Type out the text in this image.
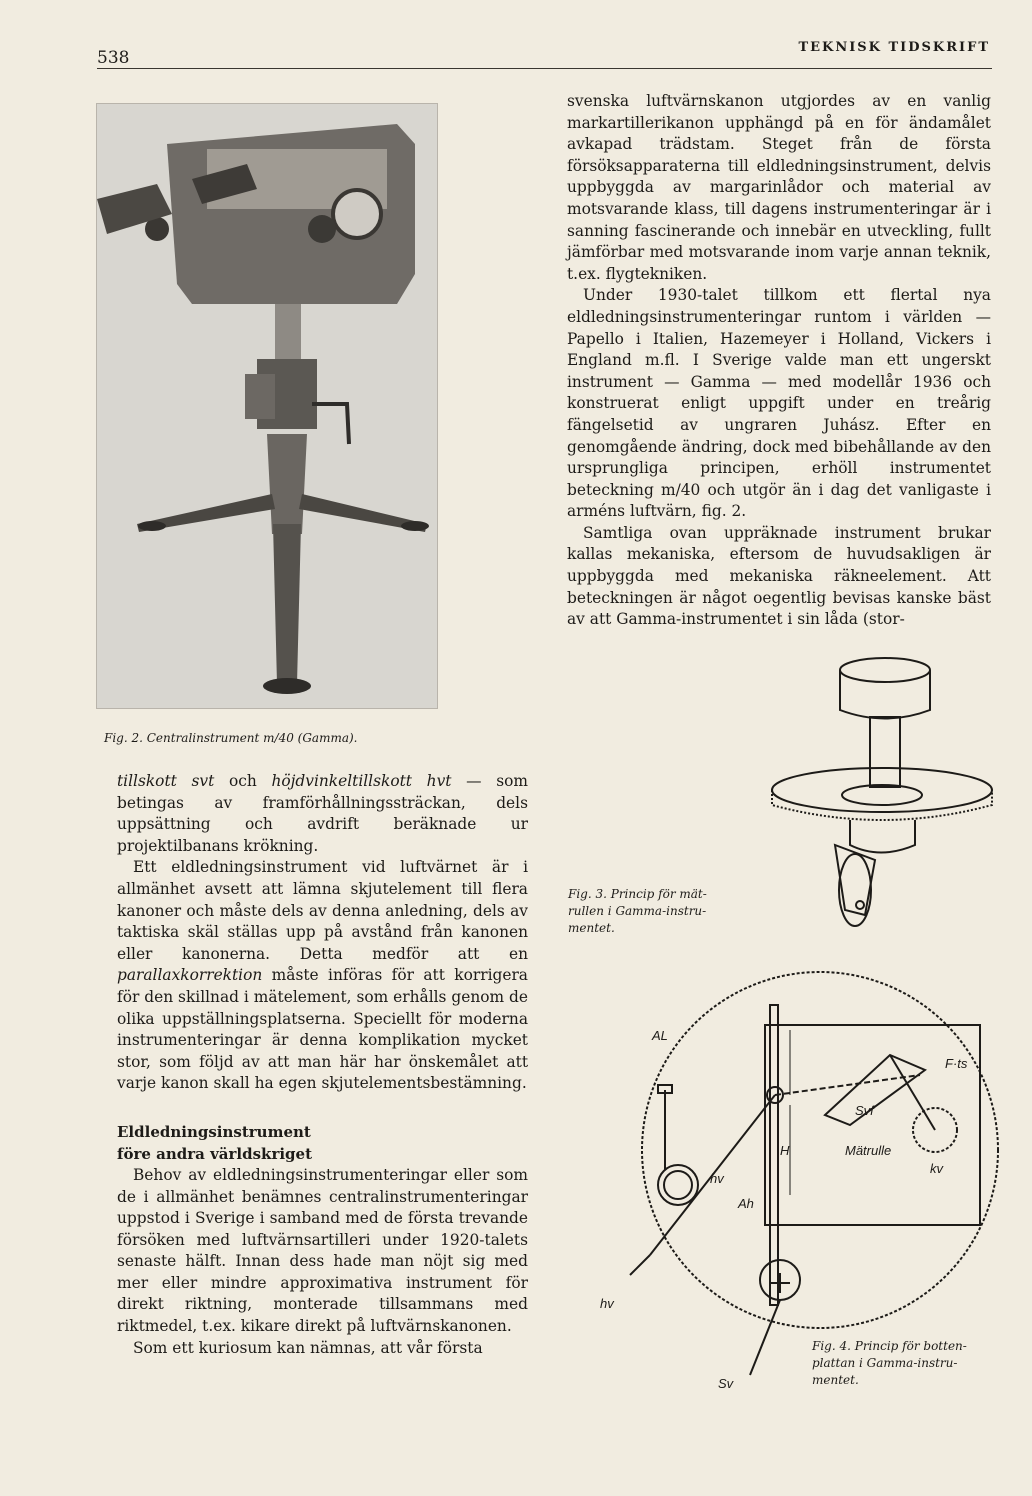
538
TEKNISK TIDSKRIFT
Fig. 2. Centralinstrument m/40 (Gamma).

svenska luftvärnskanon utgjordes av en vanlig markartillerikanon upphängd på en för ändamålet avkapad trädstam. Steget från de första försöksapparaterna till eldledningsinstrument, delvis uppbyggda av margarinlådor och material av motsvarande klass, till dagens instrumenteringar är i sanning fascinerande och innebär en utveckling, fullt jämförbar med motsvarande inom varje annan teknik, t.ex. flygtekniken.

Under 1930-talet tillkom ett flertal nya eldledningsinstrumenteringar runtom i världen — Papello i Italien, Hazemeyer i Holland, Vickers i England m.fl. I Sverige valde man ett ungerskt instrument — Gamma — med modellår 1936 och konstruerat enligt uppgift under en treårig fängelsetid av ungraren Juhász. Efter en genomgående ändring, dock med bibehållande av den ursprungliga principen, erhöll instrumentet beteckning m/40 och utgör än i dag det vanligaste i arméns luftvärn, fig. 2.

Samtliga ovan uppräknade instrument brukar kallas mekaniska, eftersom de huvudsakligen är uppbyggda med mekaniska räkneelement. Att beteckningen är något oegentlig bevisas kanske bäst av att Gamma-instrumentet i sin låda (stor-

Fig. 3. Princip för mät-
rullen i Gamma-instru-
mentet.

tillskott svt och höjdvinkeltillskott hvt — som betingas av framförhållningssträckan, dels uppsättning och avdrift beräknade ur projektilbanans krökning.

Ett eldledningsinstrument vid luftvärnet är i allmänhet avsett att lämna skjutelement till flera kanoner och måste dels av denna anledning, dels av taktiska skäl ställas upp på avstånd från kanonen eller kanonerna. Detta medför att en parallaxkorrektion måste införas för att korrigera för den skillnad i mätelement, som erhålls genom de olika uppställningsplatserna. Speciellt för moderna instrumenteringar är denna komplikation mycket stor, som följd av att man här har önskemålet att varje kanon skall ha egen skjutelementsbestämning.

Eldledningsinstrument
före andra världskriget

Behov av eldledningsinstrumenteringar eller som de i allmänhet benämnes centralinstrumenteringar uppstod i Sverige i samband med de första trevande försöken med luftvärnsartilleri under 1920-talets senaste hälft. Innan dess hade man nöjt sig med mer eller mindre approximativa instrument för direkt riktning, monterade tillsammans med riktmedel, t.ex. kikare direkt på luftvärnskanonen.

Som ett kuriosum kan nämnas, att vår första

AL
H
hv
Ah
F·ts
Svf
Mätrulle
kv
hv
Sv
Fig. 4. Princip för botten-
plattan i Gamma-instru-
mentet.
